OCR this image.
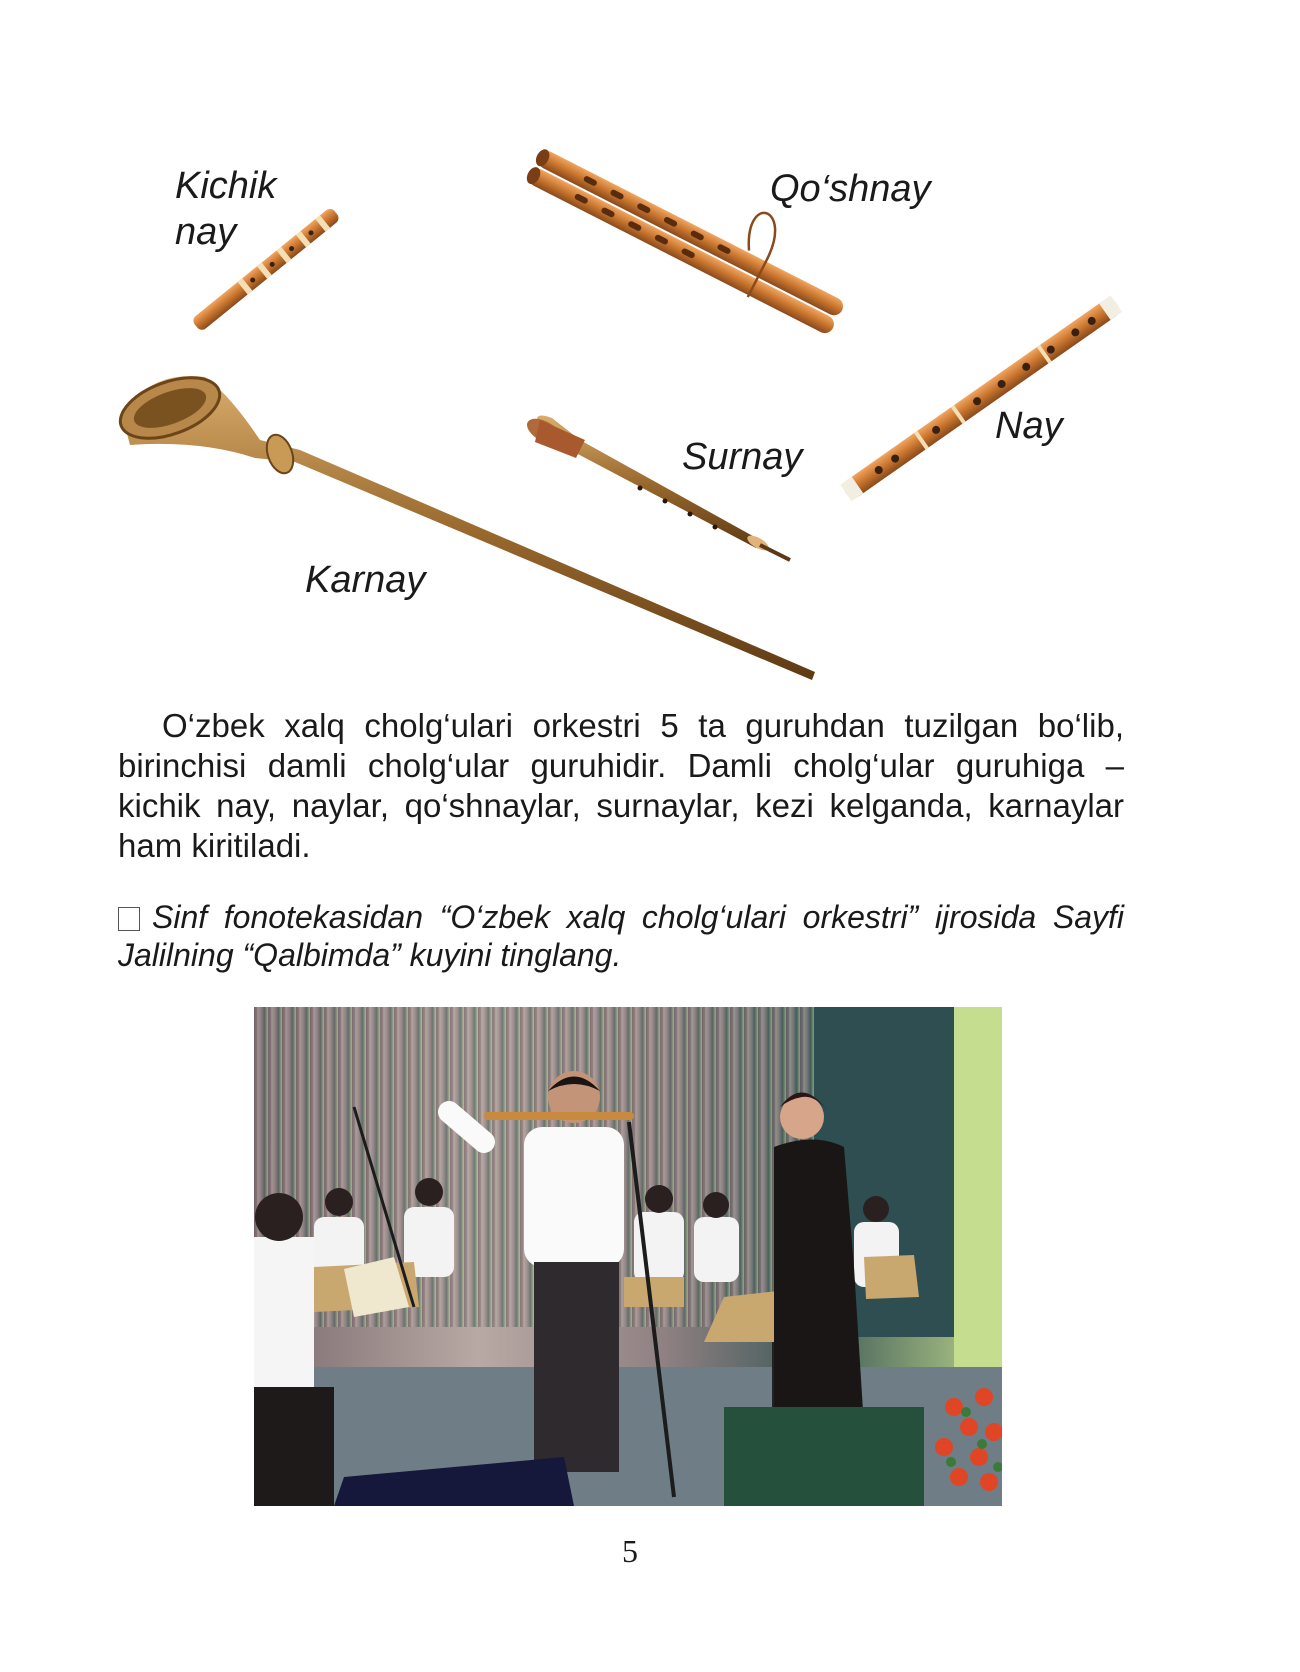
Kichik
nay
Qo‘shnay
Nay
Surnay
Karnay

O‘zbek xalq cholg‘ulari orkestri 5 ta guruhdan tuzilgan bo‘lib, birinchisi damli cholg‘ular guruhidir. Damli cholg‘ular guruhiga – kichik nay, naylar, qo‘shnaylar, surnaylar, kezi kelganda, karnaylar ham kiritiladi.

Sinf fonotekasidan “O‘zbek xalq cholg‘ulari orkestri” ijrosida Sayfi Jalilning “Qalbimda” kuyini tinglang.

5
